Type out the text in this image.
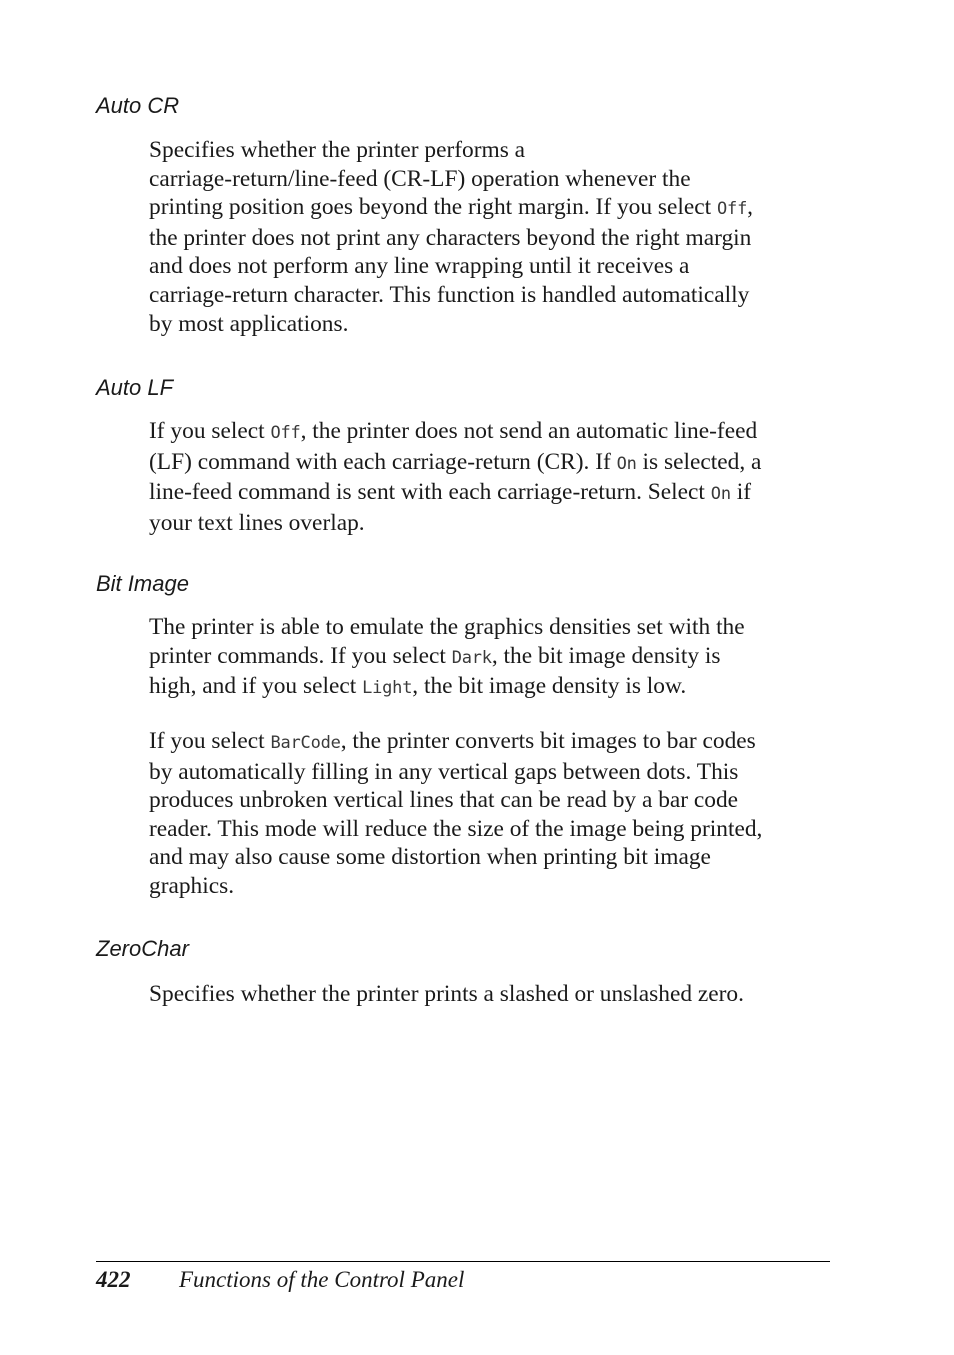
Auto CR
Specifies whether the printer performs a
carriage-return/line-feed (CR-LF) operation whenever the
printing position goes beyond the right margin. If you select Off,
the printer does not print any characters beyond the right margin
and does not perform any line wrapping until it receives a
carriage-return character. This function is handled automatically
by most applications.
Auto LF
If you select Off, the printer does not send an automatic line-feed
(LF) command with each carriage-return (CR). If On is selected, a
line-feed command is sent with each carriage-return. Select On if
your text lines overlap.
Bit Image
The printer is able to emulate the graphics densities set with the
printer commands. If you select Dark, the bit image density is
high, and if you select Light, the bit image density is low.
If you select BarCode, the printer converts bit images to bar codes
by automatically filling in any vertical gaps between dots. This
produces unbroken vertical lines that can be read by a bar code
reader. This mode will reduce the size of the image being printed,
and may also cause some distortion when printing bit image
graphics.
ZeroChar
Specifies whether the printer prints a slashed or unslashed zero.

422 Functions of the Control Panel
